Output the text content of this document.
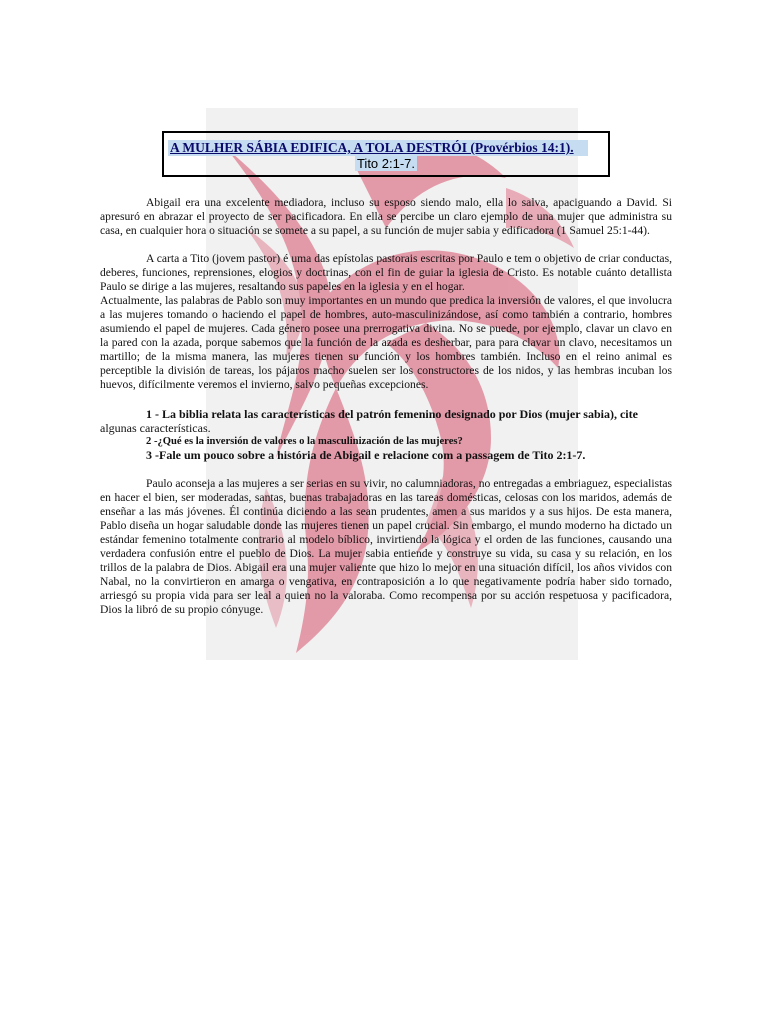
A MULHER SÁBIA EDIFICA, A TOLA DESTRÓI (Provérbios 14:1).
Tito 2:1-7.

Abigail era una excelente mediadora, incluso su esposo siendo malo, ella lo salva, apaciguando a David. Si apresuró en abrazar el proyecto de ser pacificadora. En ella se percibe un claro ejemplo de una mujer que administra su casa, en cualquier hora o situación se somete a su papel, a su función de mujer sabia y edificadora (1 Samuel 25:1-44).

A carta a Tito (jovem pastor) é uma das epístolas pastorais escritas por Paulo e tem o objetivo de criar conductas, deberes, funciones, reprensiones, elogios y doctrinas, con el fin de guiar la iglesia de Cristo. Es notable cuánto detallista Paulo se dirige a las mujeres, resaltando sus papeles en la iglesia y en el hogar.

Actualmente, las palabras de Pablo son muy importantes en un mundo que predica la inversión de valores, el que involucra a las mujeres tomando o haciendo el papel de hombres, auto-masculinizándose, así como también a contrario, hombres asumiendo el papel de mujeres. Cada género posee una prerrogativa divina. No se puede, por ejemplo, clavar un clavo en la pared con la azada, porque sabemos que la función de la azada es desherbar, para para clavar un clavo, necesitamos un martillo; de la misma manera, las mujeres tienen su función y los hombres también. Incluso en el reino animal es perceptible la división de tareas, los pájaros macho suelen ser los constructores de los nidos, y las hembras incuban los huevos, difícilmente veremos el invierno, salvo pequeñas excepciones.

1 - La biblia relata las características del patrón femenino designado por Dios (mujer sabia), cite
algunas características.

2 -¿Qué es la inversión de valores o la masculinización de las mujeres?

3 -Fale um pouco sobre a história de Abigail e relacione com a passagem de Tito 2:1-7.

Paulo aconseja a las mujeres a ser serias en su vivir, no calumniadoras, no entregadas a embriaguez, especialistas en hacer el bien, ser moderadas, santas, buenas trabajadoras en las tareas domésticas, celosas con los maridos, además de enseñar a las más jóvenes. Él continúa diciendo a las sean prudentes, amen a sus maridos y a sus hijos. De esta manera, Pablo diseña un hogar saludable donde las mujeres tienen un papel crucial. Sin embargo, el mundo moderno ha dictado un estándar femenino totalmente contrario al modelo bíblico, invirtiendo la lógica y el orden de las funciones, causando una verdadera confusión entre el pueblo de Dios. La mujer sabia entiende y construye su vida, su casa y su relación, en los trillos de la palabra de Dios. Abigail era una mujer valiente que hizo lo mejor en una situación difícil, los años vividos con Nabal, no la convirtieron en amarga o vengativa, en contraposición a lo que negativamente podría haber sido tornado, arriesgó su propia vida para ser leal a quien no la valoraba. Como recompensa por su acción respetuosa y pacificadora, Dios la libró de su propio cónyuge.
